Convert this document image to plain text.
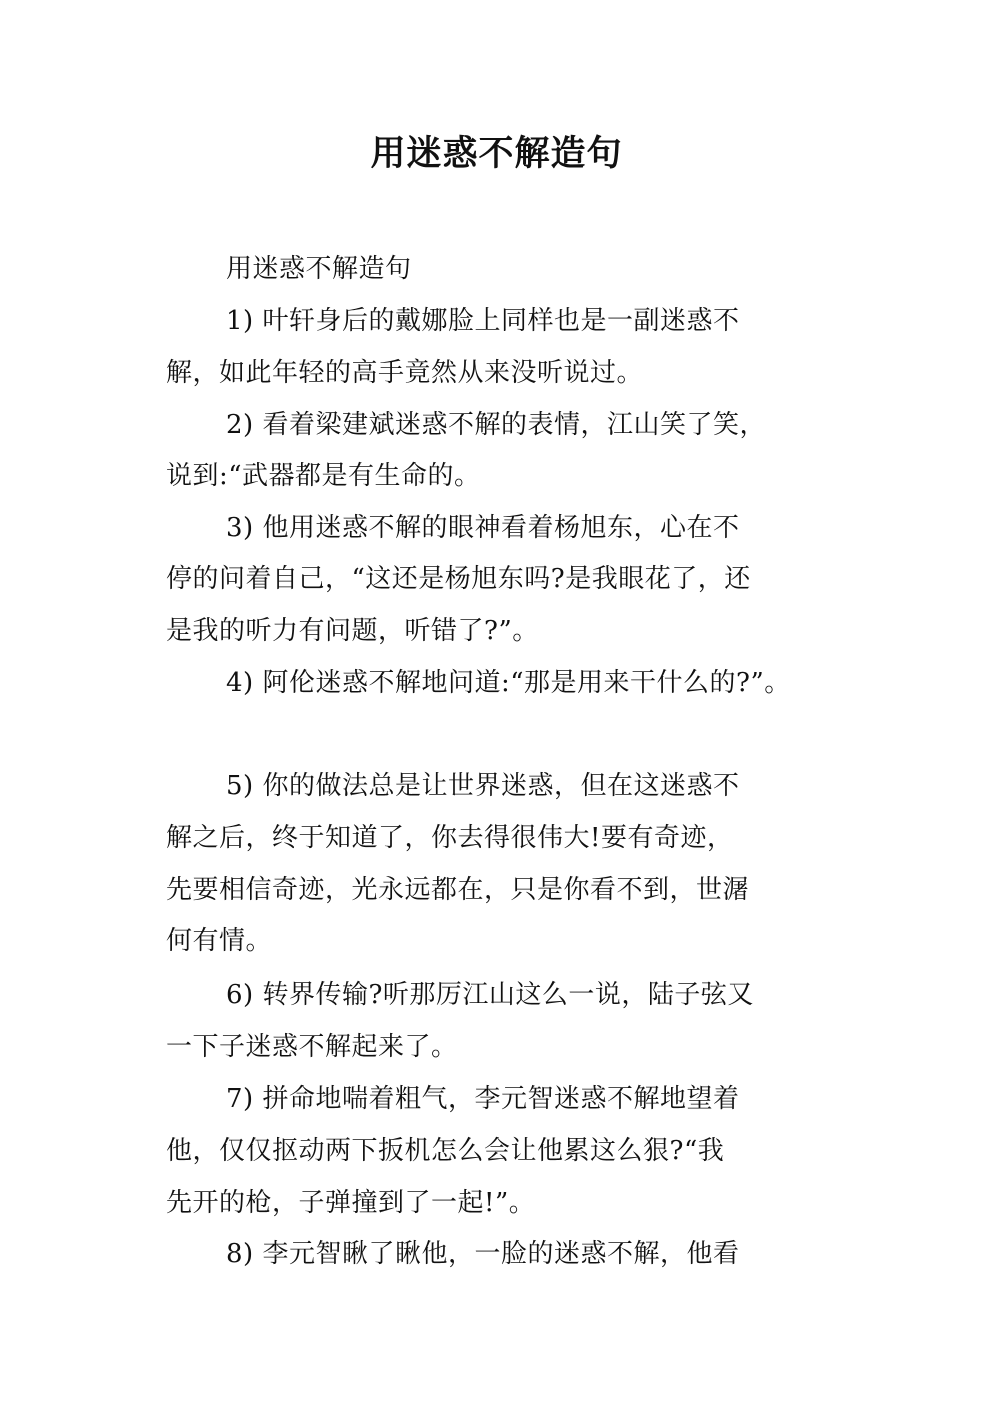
用迷惑不解造句
用迷惑不解造句
1) 叶轩身后的戴娜脸上同样也是一副迷惑不
解，如此年轻的高手竟然从来没听说过。
2) 看着梁建斌迷惑不解的表情，江山笑了笑，
说到:“武器都是有生命的。
3) 他用迷惑不解的眼神看着杨旭东，心在不
停的问着自己，“这还是杨旭东吗?是我眼花了，还
是我的听力有问题，听错了?”。
4) 阿伦迷惑不解地问道:“那是用来干什么的?”。
5) 你的做法总是让世界迷惑，但在这迷惑不
解之后，终于知道了，你去得很伟大!要有奇迹，
先要相信奇迹，光永远都在，只是你看不到，世潳
何有情。
6) 转界传输?听那厉江山这么一说，陆子弦又
一下子迷惑不解起来了。
7) 拼命地喘着粗气，李元智迷惑不解地望着
他，仅仅抠动两下扳机怎么会让他累这么狠?“我
先开的枪，子弹撞到了一起!”。
8) 李元智瞅了瞅他，一脸的迷惑不解，他看
